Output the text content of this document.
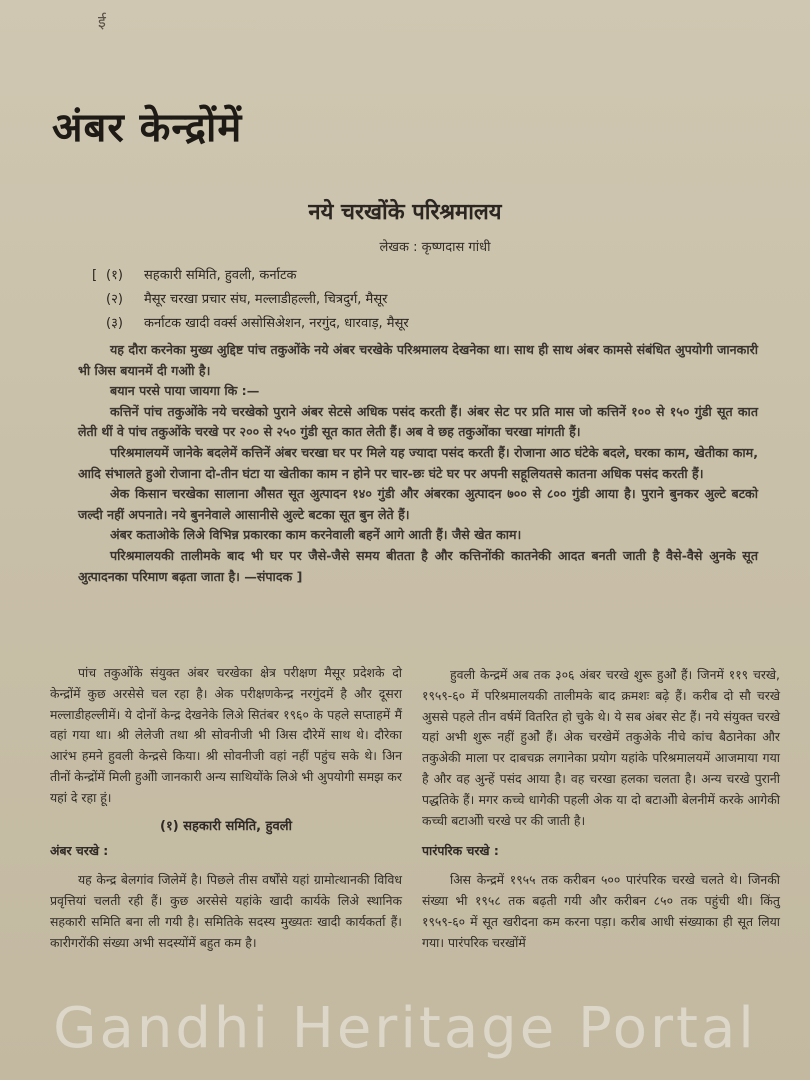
ई
अंबर केन्द्रोंमें
नये चरखोंके परिश्रमालय
लेखक : कृष्णदास गांधी
[ (१)	सहकारी समिति, हुवली, कर्नाटक
(२)	मैसूर चरखा प्रचार संघ, मल्लाडीहल्ली, चित्रदुर्ग, मैसूर
(३)	कर्नाटक खादी वर्क्स असोसिअेशन, नरगुंद, धारवाड़, मैसूर

यह दौरा करनेका मुख्य अुद्दिष्ट पांच तकुओंके नये अंबर चरखेके परिश्रमालय देखनेका था। साथ ही साथ अंबर कामसे संबंधित अुपयोगी जानकारी भी अिस बयानमें दी गओी है।

बयान परसे पाया जायगा कि :—

कत्तिनें पांच तकुओंके नये चरखेको पुराने अंबर सेटसे अधिक पसंद करती हैं। अंबर सेट पर प्रति मास जो कत्तिनें १०० से १५० गुंडी सूत कात लेती थीं वे पांच तकुओंके चरखे पर २०० से २५० गुंडी सूत कात लेती हैं। अब वे छह तकुओंका चरखा मांगती हैं।

परिश्रमालयमें जानेके बदलेमें कत्तिनें अंबर चरखा घर पर मिले यह ज्यादा पसंद करती हैं। रोजाना आठ घंटेके बदले, घरका काम, खेतीका काम, आदि संभालते हुओ रोजाना दो-तीन घंटा या खेतीका काम न होने पर चार-छः घंटे घर पर अपनी सहूलियतसे कातना अधिक पसंद करती हैं।

अेक किसान चरखेका सालाना औसत सूत अुत्पादन १४० गुंडी और अंबरका अुत्पादन ७०० से ८०० गुंडी आया है। पुराने बुनकर अुल्टे बटको जल्दी नहीं अपनाते। नये बुननेवाले आसानीसे अुल्टे बटका सूत बुन लेते हैं।

अंबर कताओके लिअे विभिन्न प्रकारका काम करनेवाली बहनें आगे आती हैं। जैसे खेत काम।

परिश्रमालयकी तालीमके बाद भी घर पर जैसे-जैसे समय बीतता है और कत्तिनोंकी कातनेकी आदत बनती जाती है वैसे-वैसे अुनके सूत अुत्पादनका परिमाण बढ़ता जाता है। —संपादक ]

पांच तकुओंके संयुक्त अंबर चरखेका क्षेत्र परीक्षण मैसूर प्रदेशके दो केन्द्रोंमें कुछ अरसेसे चल रहा है। अेक परीक्षणकेन्द्र नरगुंदमें है और दूसरा मल्लाडीहल्लीमें। ये दोनों केन्द्र देखनेके लिअे सितंबर १९६० के पहले सप्ताहमें मैं वहां गया था। श्री लेलेजी तथा श्री सोवनीजी भी अिस दौरेमें साथ थे। दौरेका आरंभ हमने हुवली केन्द्रसे किया। श्री सोवनीजी वहां नहीं पहुंच सके थे। अिन तीनों केन्द्रोंमें मिली हुओी जानकारी अन्य साथियोंके लिअे भी अुपयोगी समझ कर यहां दे रहा हूं।

(१) सहकारी समिति, हुवली
अंबर चरखे :

यह केन्द्र बेलगांव जिलेमें है। पिछले तीस वर्षोंसे यहां ग्रामोत्थानकी विविध प्रवृत्तियां चलती रही हैं। कुछ अरसेसे यहांके खादी कार्यके लिअे स्थानिक सहकारी समिति बना ली गयी है। समितिके सदस्य मुख्यतः खादी कार्यकर्ता हैं। कारीगरोंकी संख्या अभी सदस्योंमें बहुत कम है।

हुवली केन्द्रमें अब तक ३०६ अंबर चरखे शुरू हुओे हैं। जिनमें ११९ चरखे, १९५९-६० में परिश्रमालयकी तालीमके बाद क्रमशः बढ़े हैं। करीब दो सौ चरखे अुससे पहले तीन वर्षमें वितरित हो चुके थे। ये सब अंबर सेट हैं। नये संयुक्त चरखे यहां अभी शुरू नहीं हुओे हैं। अेक चरखेमें तकुअेके नीचे कांच बैठानेका और तकुअेकी माला पर दाबचक्र लगानेका प्रयोग यहांके परिश्रमालयमें आजमाया गया है और वह अुन्हें पसंद आया है। वह चरखा हलका चलता है। अन्य चरखे पुरानी पद्धतिके हैं। मगर कच्चे धागेकी पहली अेक या दो बटाओी बेलनीमें करके आगेकी कच्ची बटाओी चरखे पर की जाती है।

पारंपरिक चरखे :

अिस केन्द्रमें १९५५ तक करीबन ५०० पारंपरिक चरखे चलते थे। जिनकी संख्या भी १९५८ तक बढ़ती गयी और करीबन ८५० तक पहुंची थी। किंतु १९५९-६० में सूत खरीदना कम करना पड़ा। करीब आधी संख्याका ही सूत लिया गया। पारंपरिक चरखोंमें

Gandhi Heritage Portal
